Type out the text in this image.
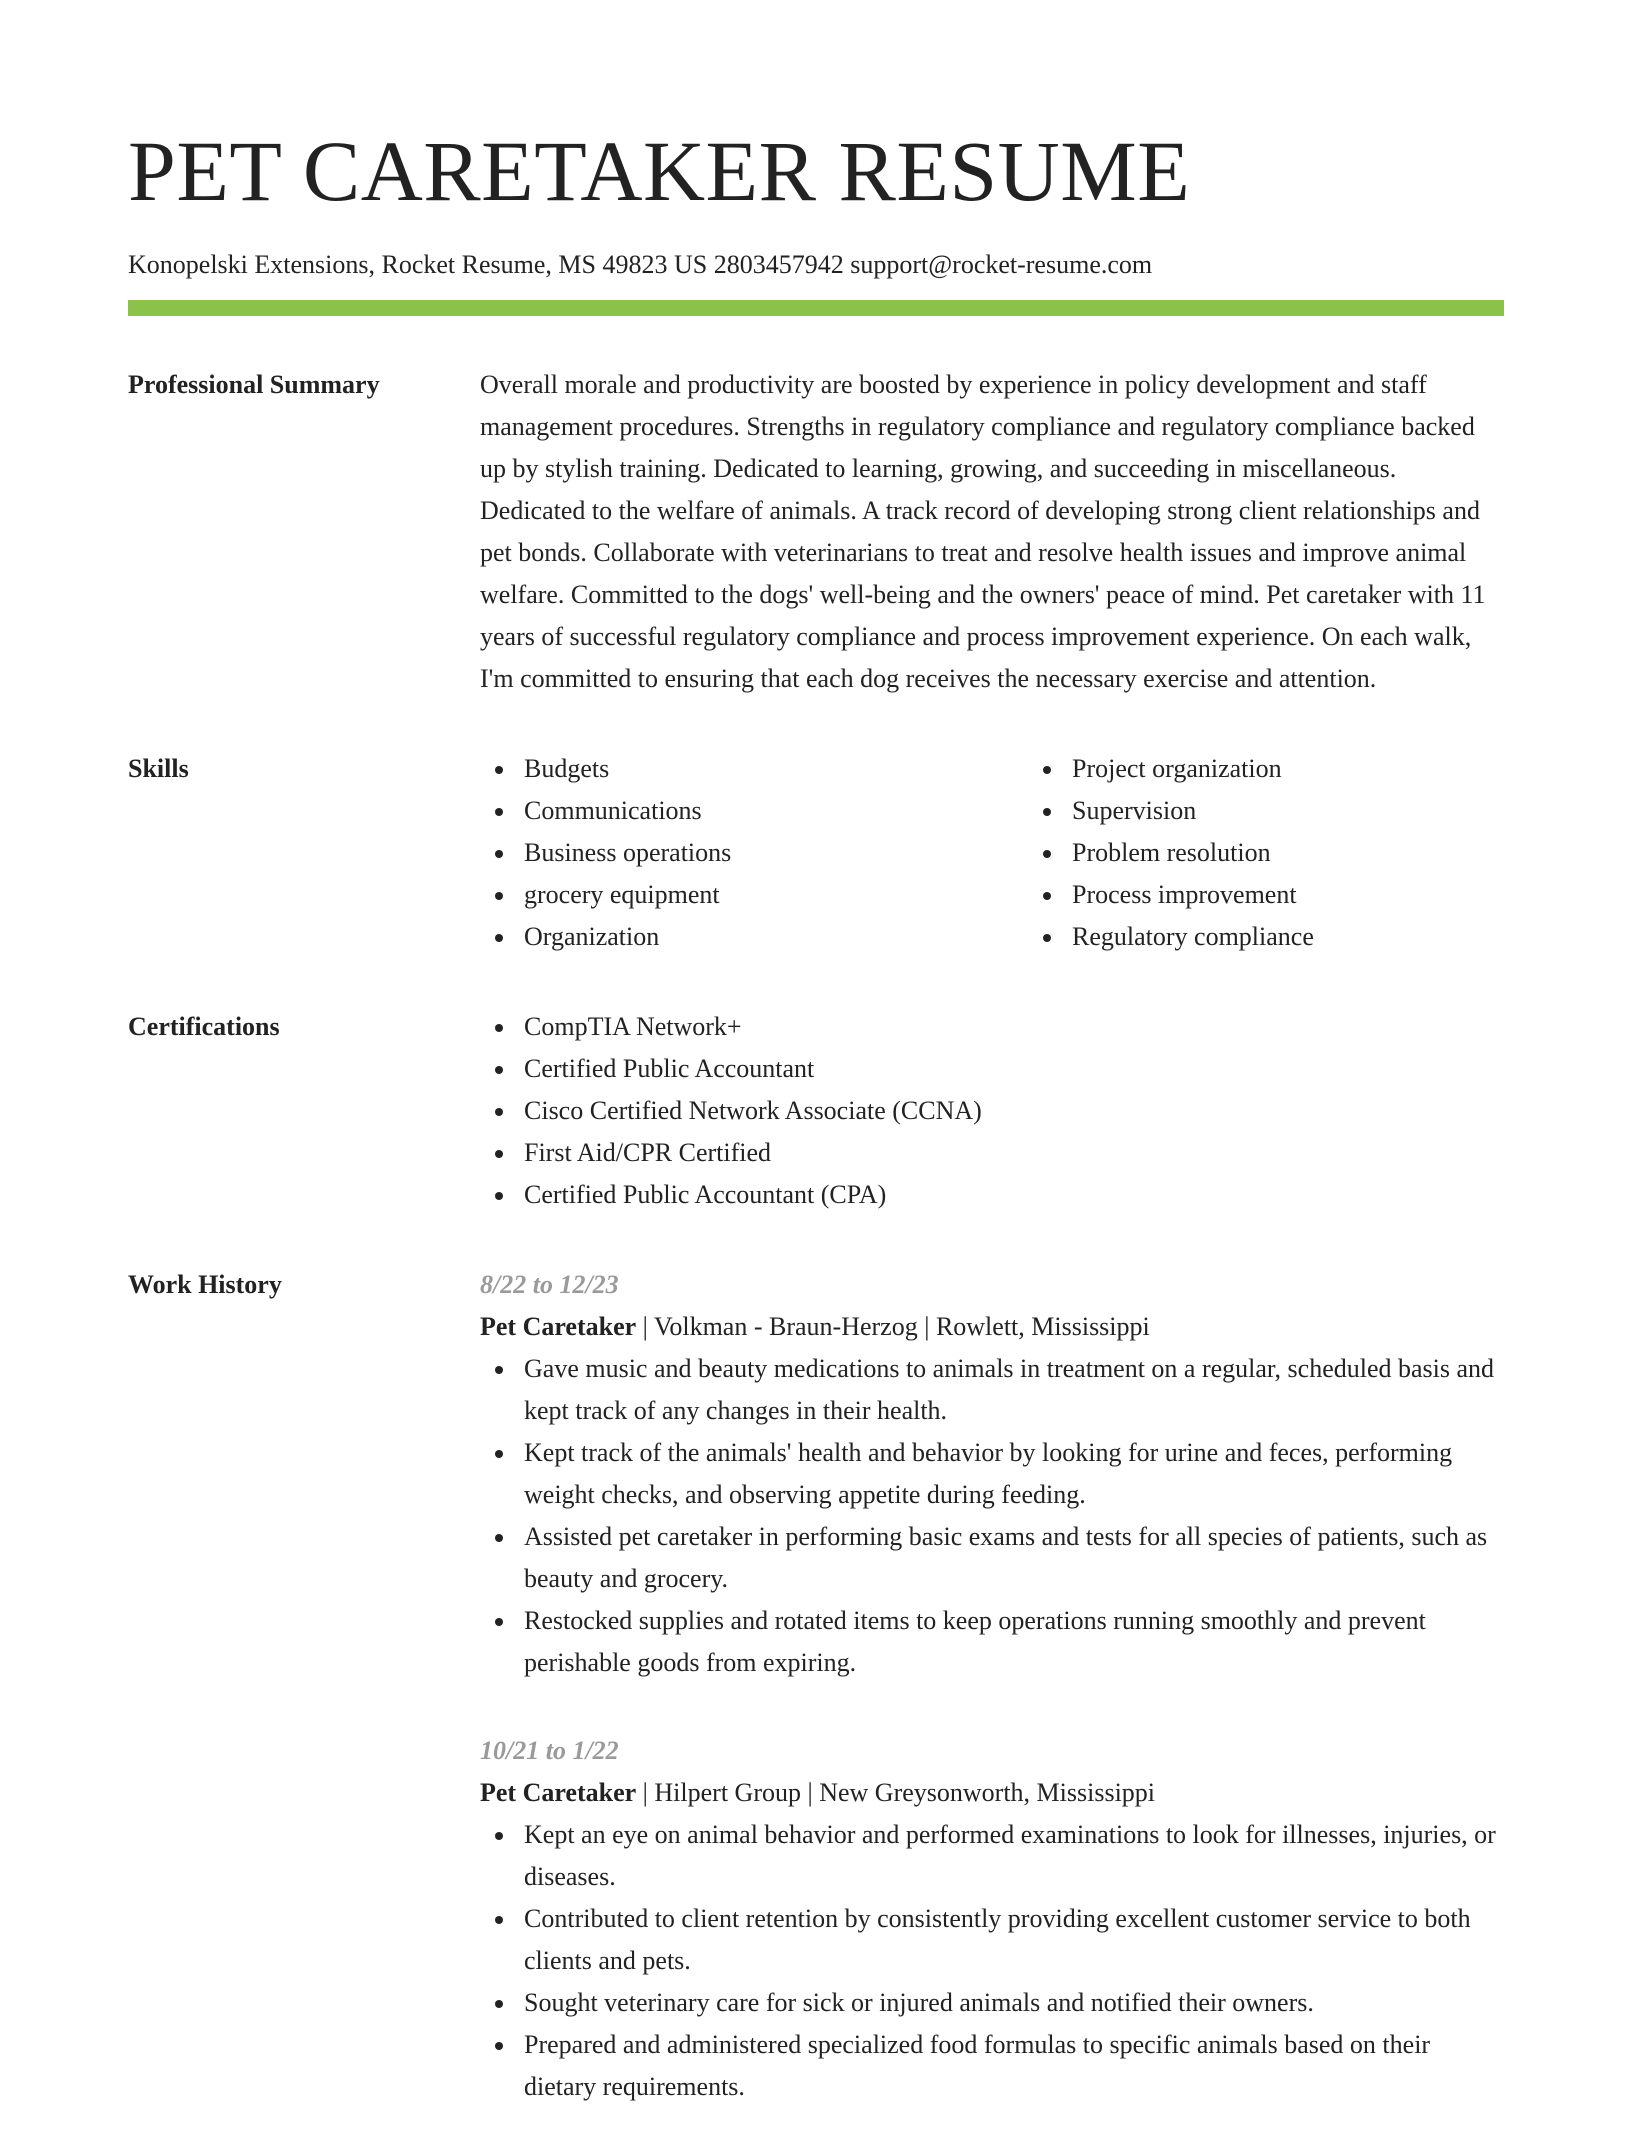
PET CARETAKER RESUME
Konopelski Extensions, Rocket Resume, MS 49823 US 2803457942 support@rocket-resume.com
Professional Summary	Overall morale and productivity are boosted by experience in policy development and staff management procedures. Strengths in regulatory compliance and regulatory compliance backed up by stylish training. Dedicated to learning, growing, and succeeding in miscellaneous. Dedicated to the welfare of animals. A track record of developing strong client relationships and pet bonds. Collaborate with veterinarians to treat and resolve health issues and improve animal welfare. Committed to the dogs' well-being and the owners' peace of mind. Pet caretaker with 11 years of successful regulatory compliance and process improvement experience. On each walk, I'm committed to ensuring that each dog receives the necessary exercise and attention.

Skills	Budgets
Communications
Business operations
grocery equipment
Organization
Project organization
Supervision
Problem resolution
Process improvement
Regulatory compliance
Certifications	CompTIA Network+
Certified Public Accountant
Cisco Certified Network Associate (CCNA)
First Aid/CPR Certified
Certified Public Accountant (CPA)
Work History	8/22 to 12/23
Pet Caretaker | Volkman - Braun-Herzog | Rowlett, Mississippi
Gave music and beauty medications to animals in treatment on a regular, scheduled basis and kept track of any changes in their health.
Kept track of the animals' health and behavior by looking for urine and feces, performing weight checks, and observing appetite during feeding.
Assisted pet caretaker in performing basic exams and tests for all species of patients, such as beauty and grocery.
Restocked supplies and rotated items to keep operations running smoothly and prevent perishable goods from expiring.
10/21 to 1/22
Pet Caretaker | Hilpert Group | New Greysonworth, Mississippi
Kept an eye on animal behavior and performed examinations to look for illnesses, injuries, or diseases.
Contributed to client retention by consistently providing excellent customer service to both clients and pets.
Sought veterinary care for sick or injured animals and notified their owners.
Prepared and administered specialized food formulas to specific animals based on their dietary requirements.
